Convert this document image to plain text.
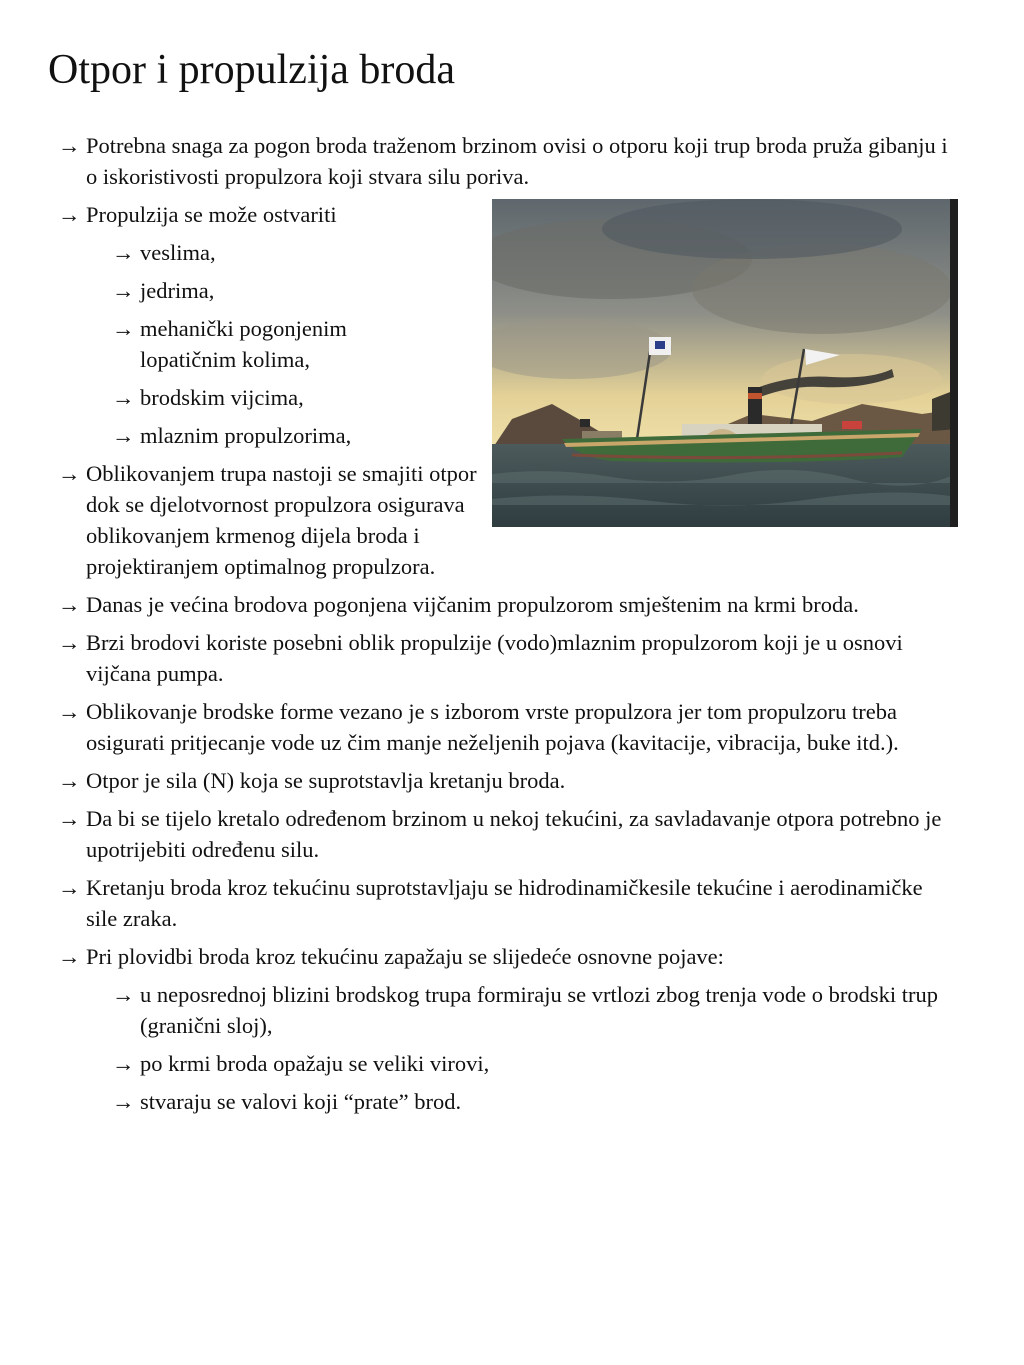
Otpor i propulzija broda
→ Potrebna snaga za pogon broda traženom brzinom ovisi o otporu koji trup broda pruža gibanju i o iskoristivosti propulzora koji stvara silu poriva.
→ Propulzija se može ostvariti
→ veslima,
→ jedrima,
→ mehanički pogonjenim lopatičnim kolima,
→ brodskim vijcima,
→ mlaznim propulzorima,
→ Oblikovanjem trupa nastoji se smajiti otpor dok se djelotvornost propulzora osigurava oblikovanjem krmenog dijela broda i projektiranjem optimalnog propulzora.
→ Danas je većina brodova pogonjena vijčanim propulzorom smještenim na krmi broda.
→ Brzi brodovi koriste posebni oblik propulzije (vodo)mlaznim propulzorom koji je u osnovi vijčana pumpa.
→ Oblikovanje brodske forme vezano je s izborom vrste propulzora jer tom propulzoru treba osigurati pritjecanje vode uz čim manje neželjenih pojava (kavitacije, vibracija, buke itd.).
→ Otpor je sila (N) koja se suprotstavlja kretanju broda.
→ Da bi se tijelo kretalo određenom brzinom u nekoj tekućini, za savladavanje otpora potrebno je upotrijebiti određenu silu.
→ Kretanju broda kroz tekućinu suprotstavljaju se hidrodinamičkesile tekućine i aerodinamičke sile zraka.
→ Pri plovidbi broda kroz tekućinu zapažaju se slijedeće osnovne pojave:
→ u neposrednoj blizini brodskog trupa formiraju se vrtlozi zbog trenja vode o brodski trup (granični sloj),
→ po krmi broda opažaju se veliki virovi,
→ stvaraju se valovi koji “prate” brod.
